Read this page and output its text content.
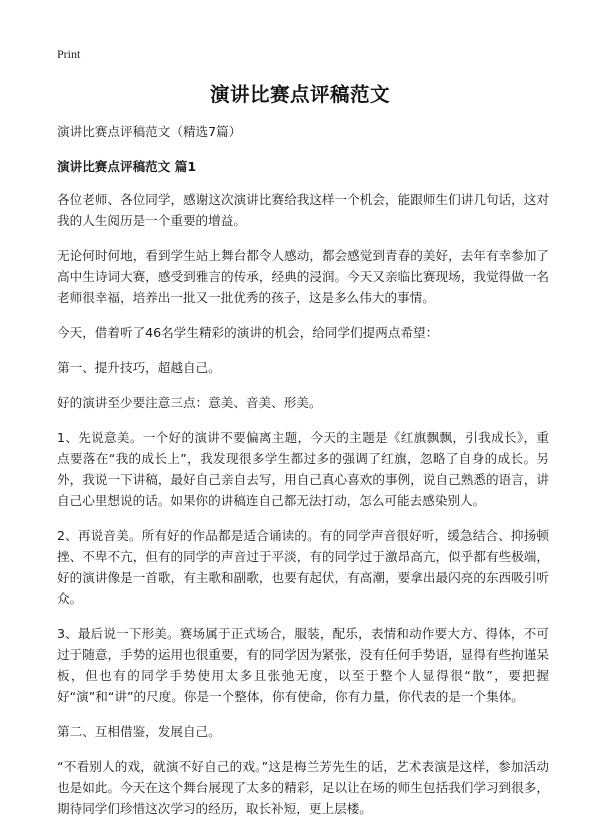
Print
演讲比赛点评稿范文

演讲比赛点评稿范文（精选7篇）

演讲比赛点评稿范文 篇1

各位老师、各位同学，感谢这次演讲比赛给我这样一个机会，能跟师生们讲几句话，这对我的人生阅历是一个重要的增益。

无论何时何地，看到学生站上舞台都令人感动，都会感觉到青春的美好，去年有幸参加了高中生诗词大赛，感受到雅言的传承，经典的浸润。今天又亲临比赛现场，我觉得做一名老师很幸福，培养出一批又一批优秀的孩子，这是多么伟大的事情。

今天，借着听了46名学生精彩的演讲的机会，给同学们提两点希望：

第一、提升技巧，超越自己。

好的演讲至少要注意三点：意美、音美、形美。

1、先说意美。一个好的演讲不要偏离主题，今天的主题是《红旗飘飘，引我成长》，重点要落在“我的成长上”，我发现很多学生都过多的强调了红旗，忽略了自身的成长。另外，我说一下讲稿，最好自己亲自去写，用自己真心喜欢的事例，说自己熟悉的语言，讲自己心里想说的话。如果你的讲稿连自己都无法打动，怎么可能去感染别人。

2、再说音美。所有好的作品都是适合诵读的。有的同学声音很好听，缓急结合、抑扬顿挫、不卑不亢，但有的同学的声音过于平淡，有的同学过于激昂高亢，似乎都有些极端，好的演讲像是一首歌，有主歌和副歌，也要有起伏，有高潮，要拿出最闪亮的东西吸引听众。

3、最后说一下形美。赛场属于正式场合，服装，配乐，表情和动作要大方、得体，不可过于随意，手势的运用也很重要，有的同学因为紧张，没有任何手势语，显得有些拘谨呆板，但也有的同学手势使用太多且张弛无度，以至于整个人显得很“散”，要把握好“演”和“讲”的尺度。你是一个整体，你有使命，你有力量，你代表的是一个集体。

第二、互相借鉴，发展自己。

“不看别人的戏，就演不好自己的戏。”这是梅兰芳先生的话，艺术表演是这样，参加活动也是如此。今天在这个舞台展现了太多的精彩，足以让在场的师生包括我们学习到很多，期待同学们珍惜这次学习的经历，取长补短，更上层楼。
